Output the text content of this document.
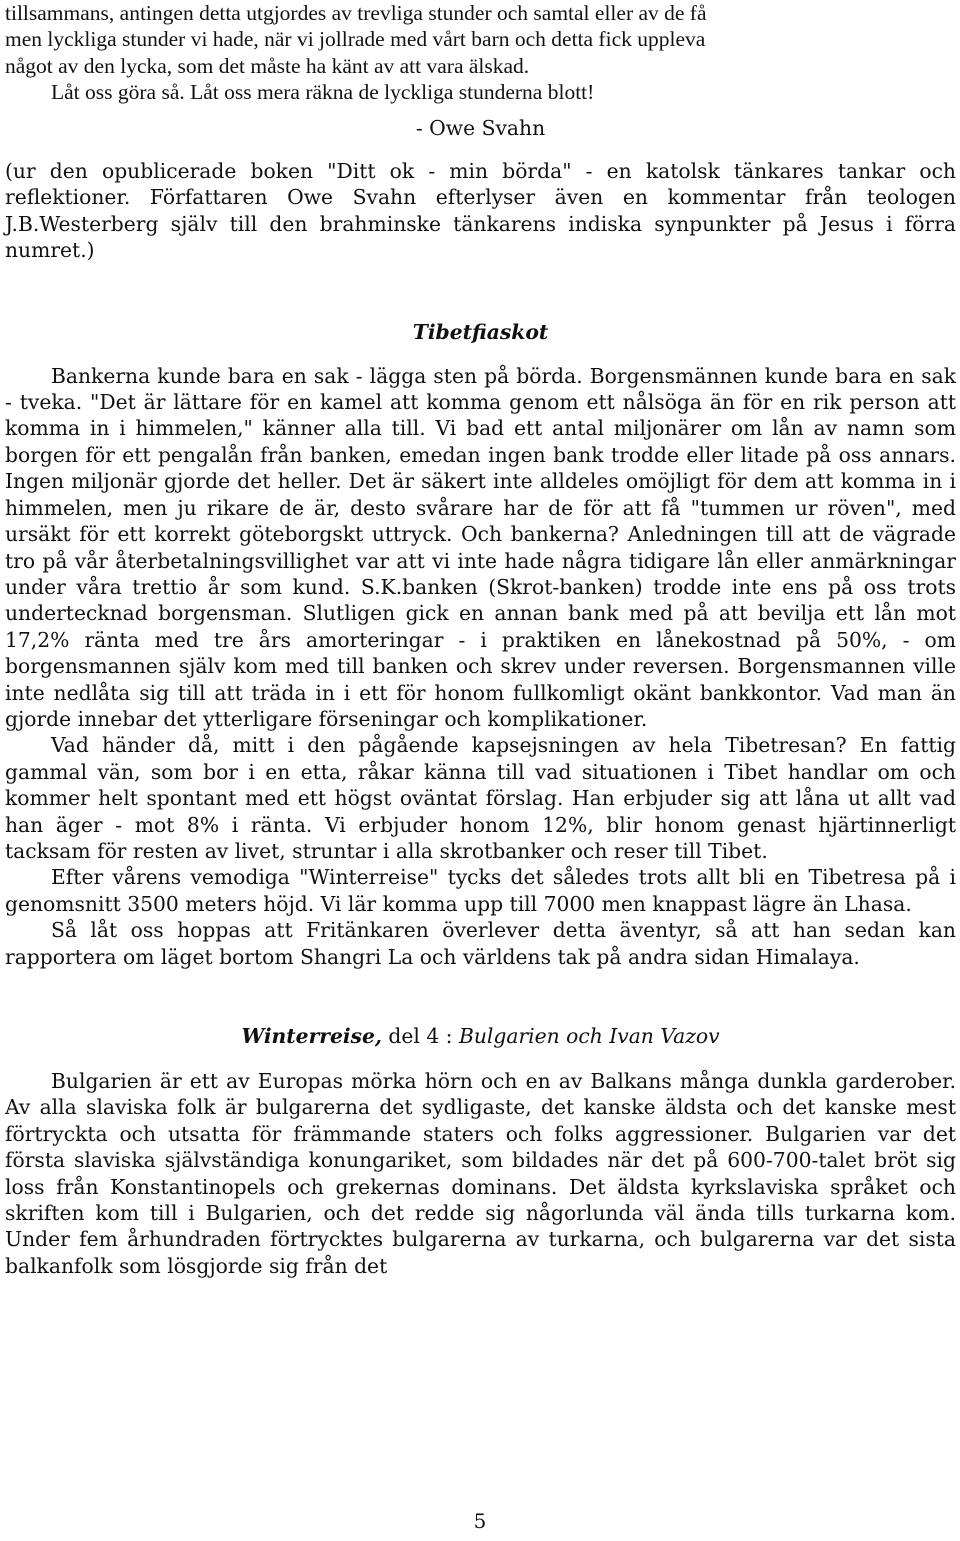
tillsammans, antingen detta utgjordes av trevliga stunder och samtal eller av de få

men lyckliga stunder vi hade, när vi jollrade med vårt barn och detta fick uppleva

något av den lycka, som det måste ha känt av att vara älskad.

Låt oss göra så. Låt oss mera räkna de lyckliga stunderna blott!

- Owe Svahn

(ur den opublicerade boken "Ditt ok - min börda" - en katolsk tänkares tankar och reflektioner. Författaren Owe Svahn efterlyser även en kommentar från teologen J.B.Westerberg själv till den brahminske tänkarens indiska synpunkter på Jesus i förra numret.)

Tibetfiaskot

Bankerna kunde bara en sak - lägga sten på börda. Borgensmännen kunde bara en sak - tveka. "Det är lättare för en kamel att komma genom ett nålsöga än för en rik person att komma in i himmelen," känner alla till. Vi bad ett antal miljonärer om lån av namn som borgen för ett pengalån från banken, emedan ingen bank trodde eller litade på oss annars. Ingen miljonär gjorde det heller. Det är säkert inte alldeles omöjligt för dem att komma in i himmelen, men ju rikare de är, desto svårare har de för att få "tummen ur röven", med ursäkt för ett korrekt göteborgskt uttryck. Och bankerna? Anledningen till att de vägrade tro på vår återbetalningsvillighet var att vi inte hade några tidigare lån eller anmärkningar under våra trettio år som kund. S.K.banken (Skrot-banken) trodde inte ens på oss trots undertecknad borgensman. Slutligen gick en annan bank med på att bevilja ett lån mot 17,2% ränta med tre års amorteringar - i praktiken en lånekostnad på 50%, - om borgensmannen själv kom med till banken och skrev under reversen. Borgensmannen ville inte nedlåta sig till att träda in i ett för honom fullkomligt okänt bankkontor. Vad man än gjorde innebar det ytterligare förseningar och komplikationer.

Vad händer då, mitt i den pågående kapsejsningen av hela Tibetresan? En fattig gammal vän, som bor i en etta, råkar känna till vad situationen i Tibet handlar om och kommer helt spontant med ett högst oväntat förslag. Han erbjuder sig att låna ut allt vad han äger - mot 8% i ränta. Vi erbjuder honom 12%, blir honom genast hjärtinnerligt tacksam för resten av livet, struntar i alla skrotbanker och reser till Tibet.

Efter vårens vemodiga "Winterreise" tycks det således trots allt bli en Tibetresa på i genomsnitt 3500 meters höjd. Vi lär komma upp till 7000 men knappast lägre än Lhasa.

Så låt oss hoppas att Fritänkaren överlever detta äventyr, så att han sedan kan rapportera om läget bortom Shangri La och världens tak på andra sidan Himalaya.

Winterreise, del 4 : Bulgarien och Ivan Vazov

Bulgarien är ett av Europas mörka hörn och en av Balkans många dunkla garderober. Av alla slaviska folk är bulgarerna det sydligaste, det kanske äldsta och det kanske mest förtryckta och utsatta för främmande staters och folks aggressioner. Bulgarien var det första slaviska självständiga konungariket, som bildades när det på 600-700-talet bröt sig loss från Konstantinopels och grekernas dominans. Det äldsta kyrkslaviska språket och skriften kom till i Bulgarien, och det redde sig någorlunda väl ända tills turkarna kom. Under fem århundraden förtrycktes bulgarerna av turkarna, och bulgarerna var det sista balkanfolk som lösgjorde sig från det

5
